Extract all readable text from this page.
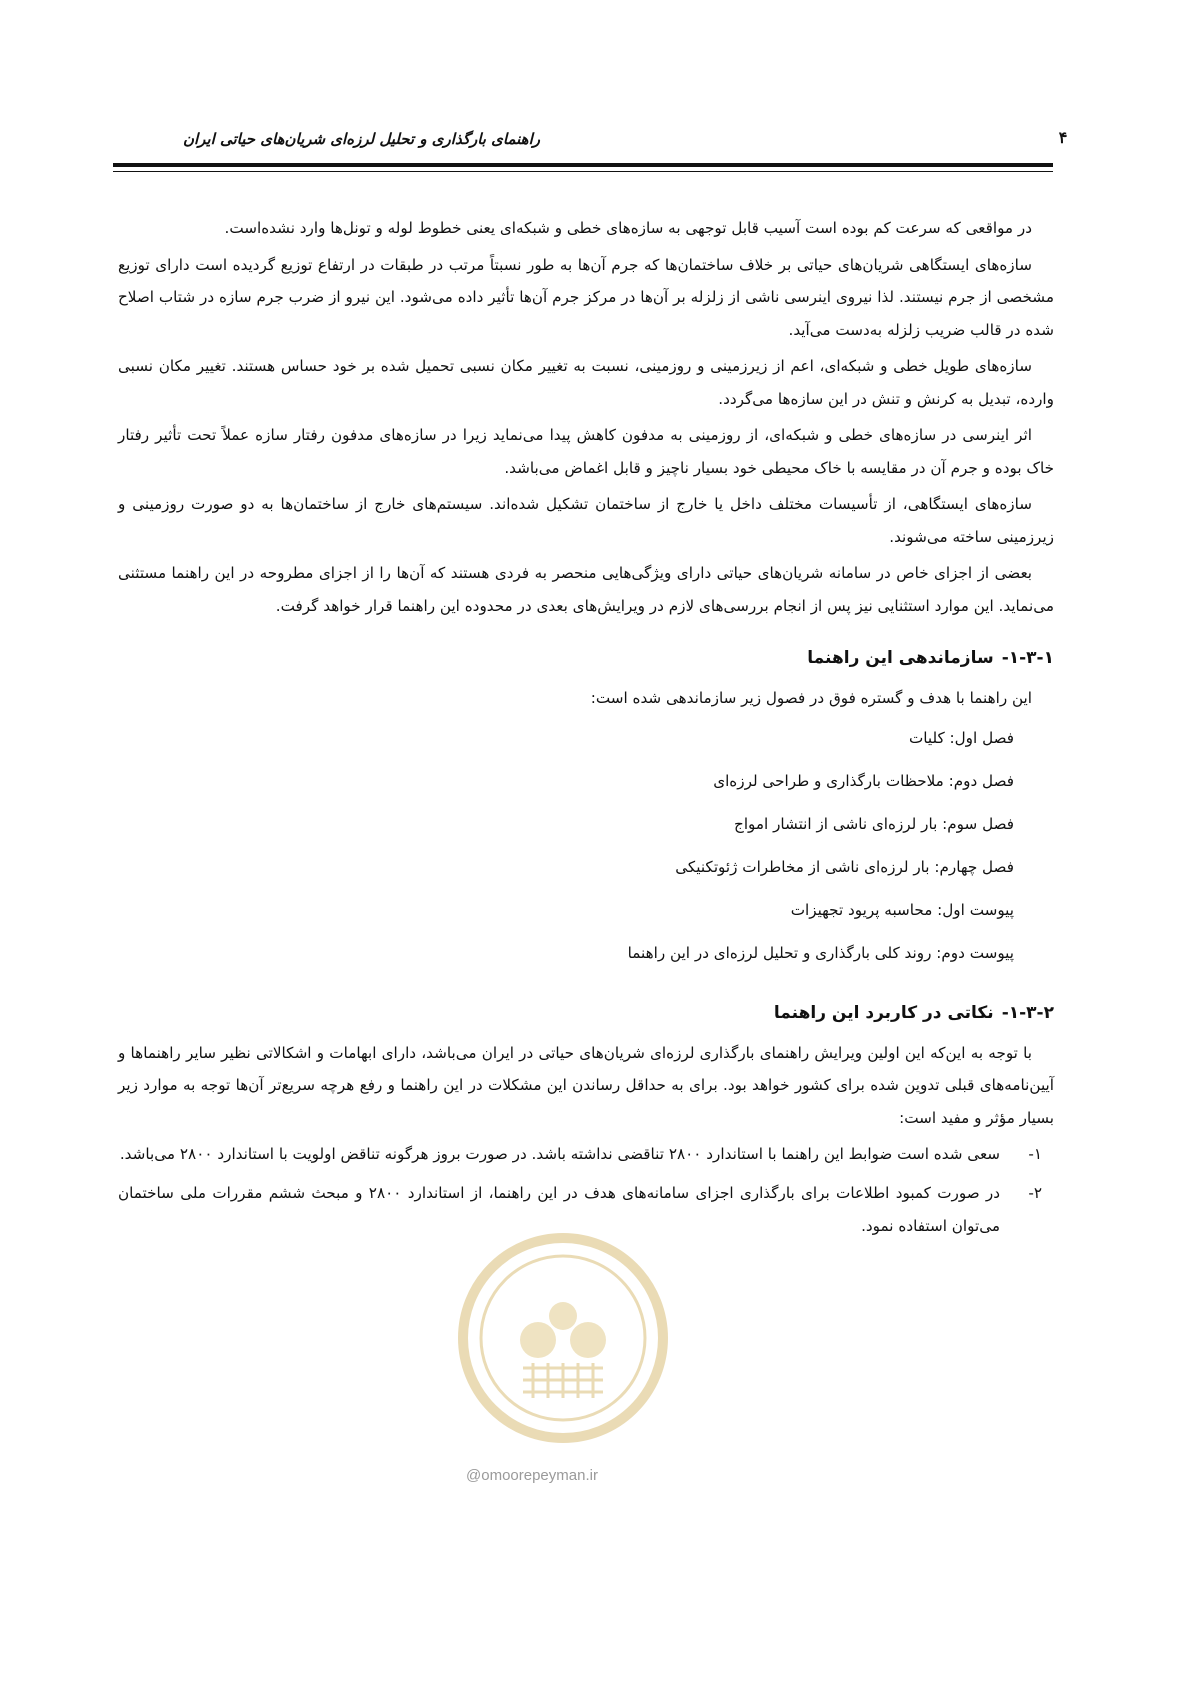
راهنمای بارگذاری و تحلیل لرزه‌ای شریان‌های حیاتی ایران	۴

در مواقعی که سرعت کم بوده است آسیب قابل توجهی به سازه‌های خطی و شبکه‌ای یعنی خطوط لوله و تونل‌ها وارد نشده‌است.

سازه‌های ایستگاهی شریان‌های حیاتی بر خلاف ساختمان‌ها که جرم آن‌ها به طور نسبتاً مرتب در طبقات در ارتفاع توزیع گردیده است دارای توزیع مشخصی از جرم نیستند. لذا نیروی اینرسی ناشی از زلزله بر آن‌ها در مرکز جرم آن‌ها تأثیر داده می‌شود. این نیرو از ضرب جرم سازه در شتاب اصلاح شده در قالب ضریب زلزله به‌دست می‌آید.

سازه‌های طویل خطی و شبکه‌ای، اعم از زیرزمینی و روزمینی، نسبت به تغییر مکان نسبی تحمیل شده بر خود حساس هستند. تغییر مکان نسبی وارده، تبدیل به کرنش و تنش در این سازه‌ها می‌گردد.

اثر اینرسی در سازه‌های خطی و شبکه‌ای، از روزمینی به مدفون کاهش پیدا می‌نماید زیرا در سازه‌های مدفون رفتار سازه عملاً تحت تأثیر رفتار خاک بوده و جرم آن در مقایسه با خاک محیطی خود بسیار ناچیز و قابل اغماض می‌باشد.

سازه‌های ایستگاهی، از تأسیسات مختلف داخل یا خارج از ساختمان تشکیل شده‌اند. سیستم‌های خارج از ساختمان‌ها به دو صورت روزمینی و زیرزمینی ساخته می‌شوند.

بعضی از اجزای خاص در سامانه شریان‌های حیاتی دارای ویژگی‌هایی منحصر به فردی هستند که آن‌ها را از اجزای مطروحه در این راهنما مستثنی می‌نماید. این موارد استثنایی نیز پس از انجام بررسی‌های لازم در ویرایش‌های بعدی در محدوده این راهنما قرار خواهد گرفت.

۱-۳-۱-سازماندهی این راهنما
این راهنما با هدف و گستره فوق در فصول زیر سازماندهی شده است:
فصل اول: کلیات
فصل دوم: ملاحظات بارگذاری و طراحی لرزه‌ای
فصل سوم: بار لرزه‌ای ناشی از انتشار امواج
فصل چهارم: بار لرزه‌ای ناشی از مخاطرات ژئوتکنیکی
پیوست اول: محاسبه پریود تجهیزات
پیوست دوم: روند کلی بارگذاری و تحلیل لرزه‌ای در این راهنما
۱-۳-۲-نکاتی در کاربرد این راهنما

با توجه به این‌که این اولین ویرایش راهنمای بارگذاری لرزه‌ای شریان‌های حیاتی در ایران می‌باشد، دارای ابهامات و اشکالاتی نظیر سایر راهنماها و آیین‌نامه‌های قبلی تدوین شده برای کشور خواهد بود. برای به حداقل رساندن این مشکلات در این راهنما و رفع هرچه سریع‌تر آن‌ها توجه به موارد زیر بسیار مؤثر و مفید است:

۱-
سعی شده است ضوابط این راهنما با استاندارد ۲۸۰۰ تناقضی نداشته باشد. در صورت بروز هرگونه تناقض اولویت با استاندارد ۲۸۰۰ می‌باشد.
۲-
در صورت کمبود اطلاعات برای بارگذاری اجزای سامانه‌های هدف در این راهنما، از استاندارد ۲۸۰۰ و مبحث ششم مقررات ملی ساختمان می‌توان استفاده نمود.
@omoorepeyman.ir
